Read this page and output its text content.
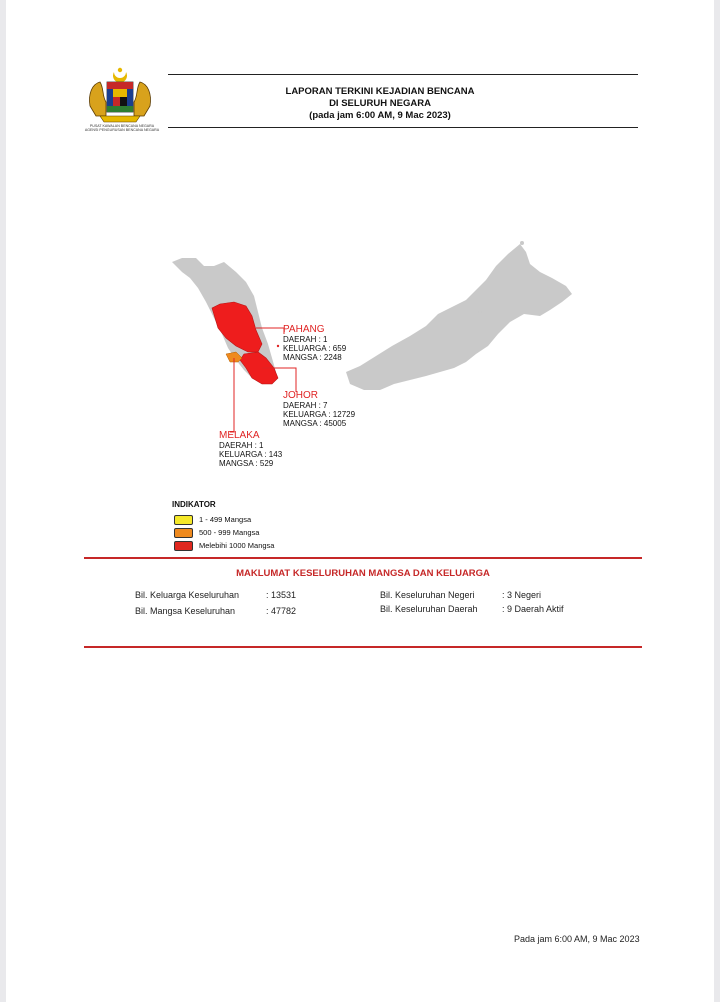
PUSAT KAWALAN BENCANA NEGARA
AGENSI PENGURUSAN BENCANA NEGARA
LAPORAN TERKINI KEJADIAN BENCANA
DI SELURUH NEGARA
(pada jam 6:00 AM, 9 Mac 2023)
PAHANG
DAERAH : 1
KELUARGA : 659
MANGSA : 2248
JOHOR
DAERAH : 7
KELUARGA : 12729
MANGSA : 45005
MELAKA
DAERAH : 1
KELUARGA : 143
MANGSA : 529
INDIKATOR
1 - 499 Mangsa
500 - 999 Mangsa
Melebihi 1000 Mangsa
MAKLUMAT KESELURUHAN MANGSA DAN KELUARGA
Bil. Keluarga Keseluruhan	: 13531
Bil. Mangsa Keseluruhan	: 47782
Bil. Keseluruhan Negeri	: 3 Negeri
Bil. Keseluruhan Daerah	: 9 Daerah Aktif
Pada jam 6:00 AM, 9 Mac 2023
